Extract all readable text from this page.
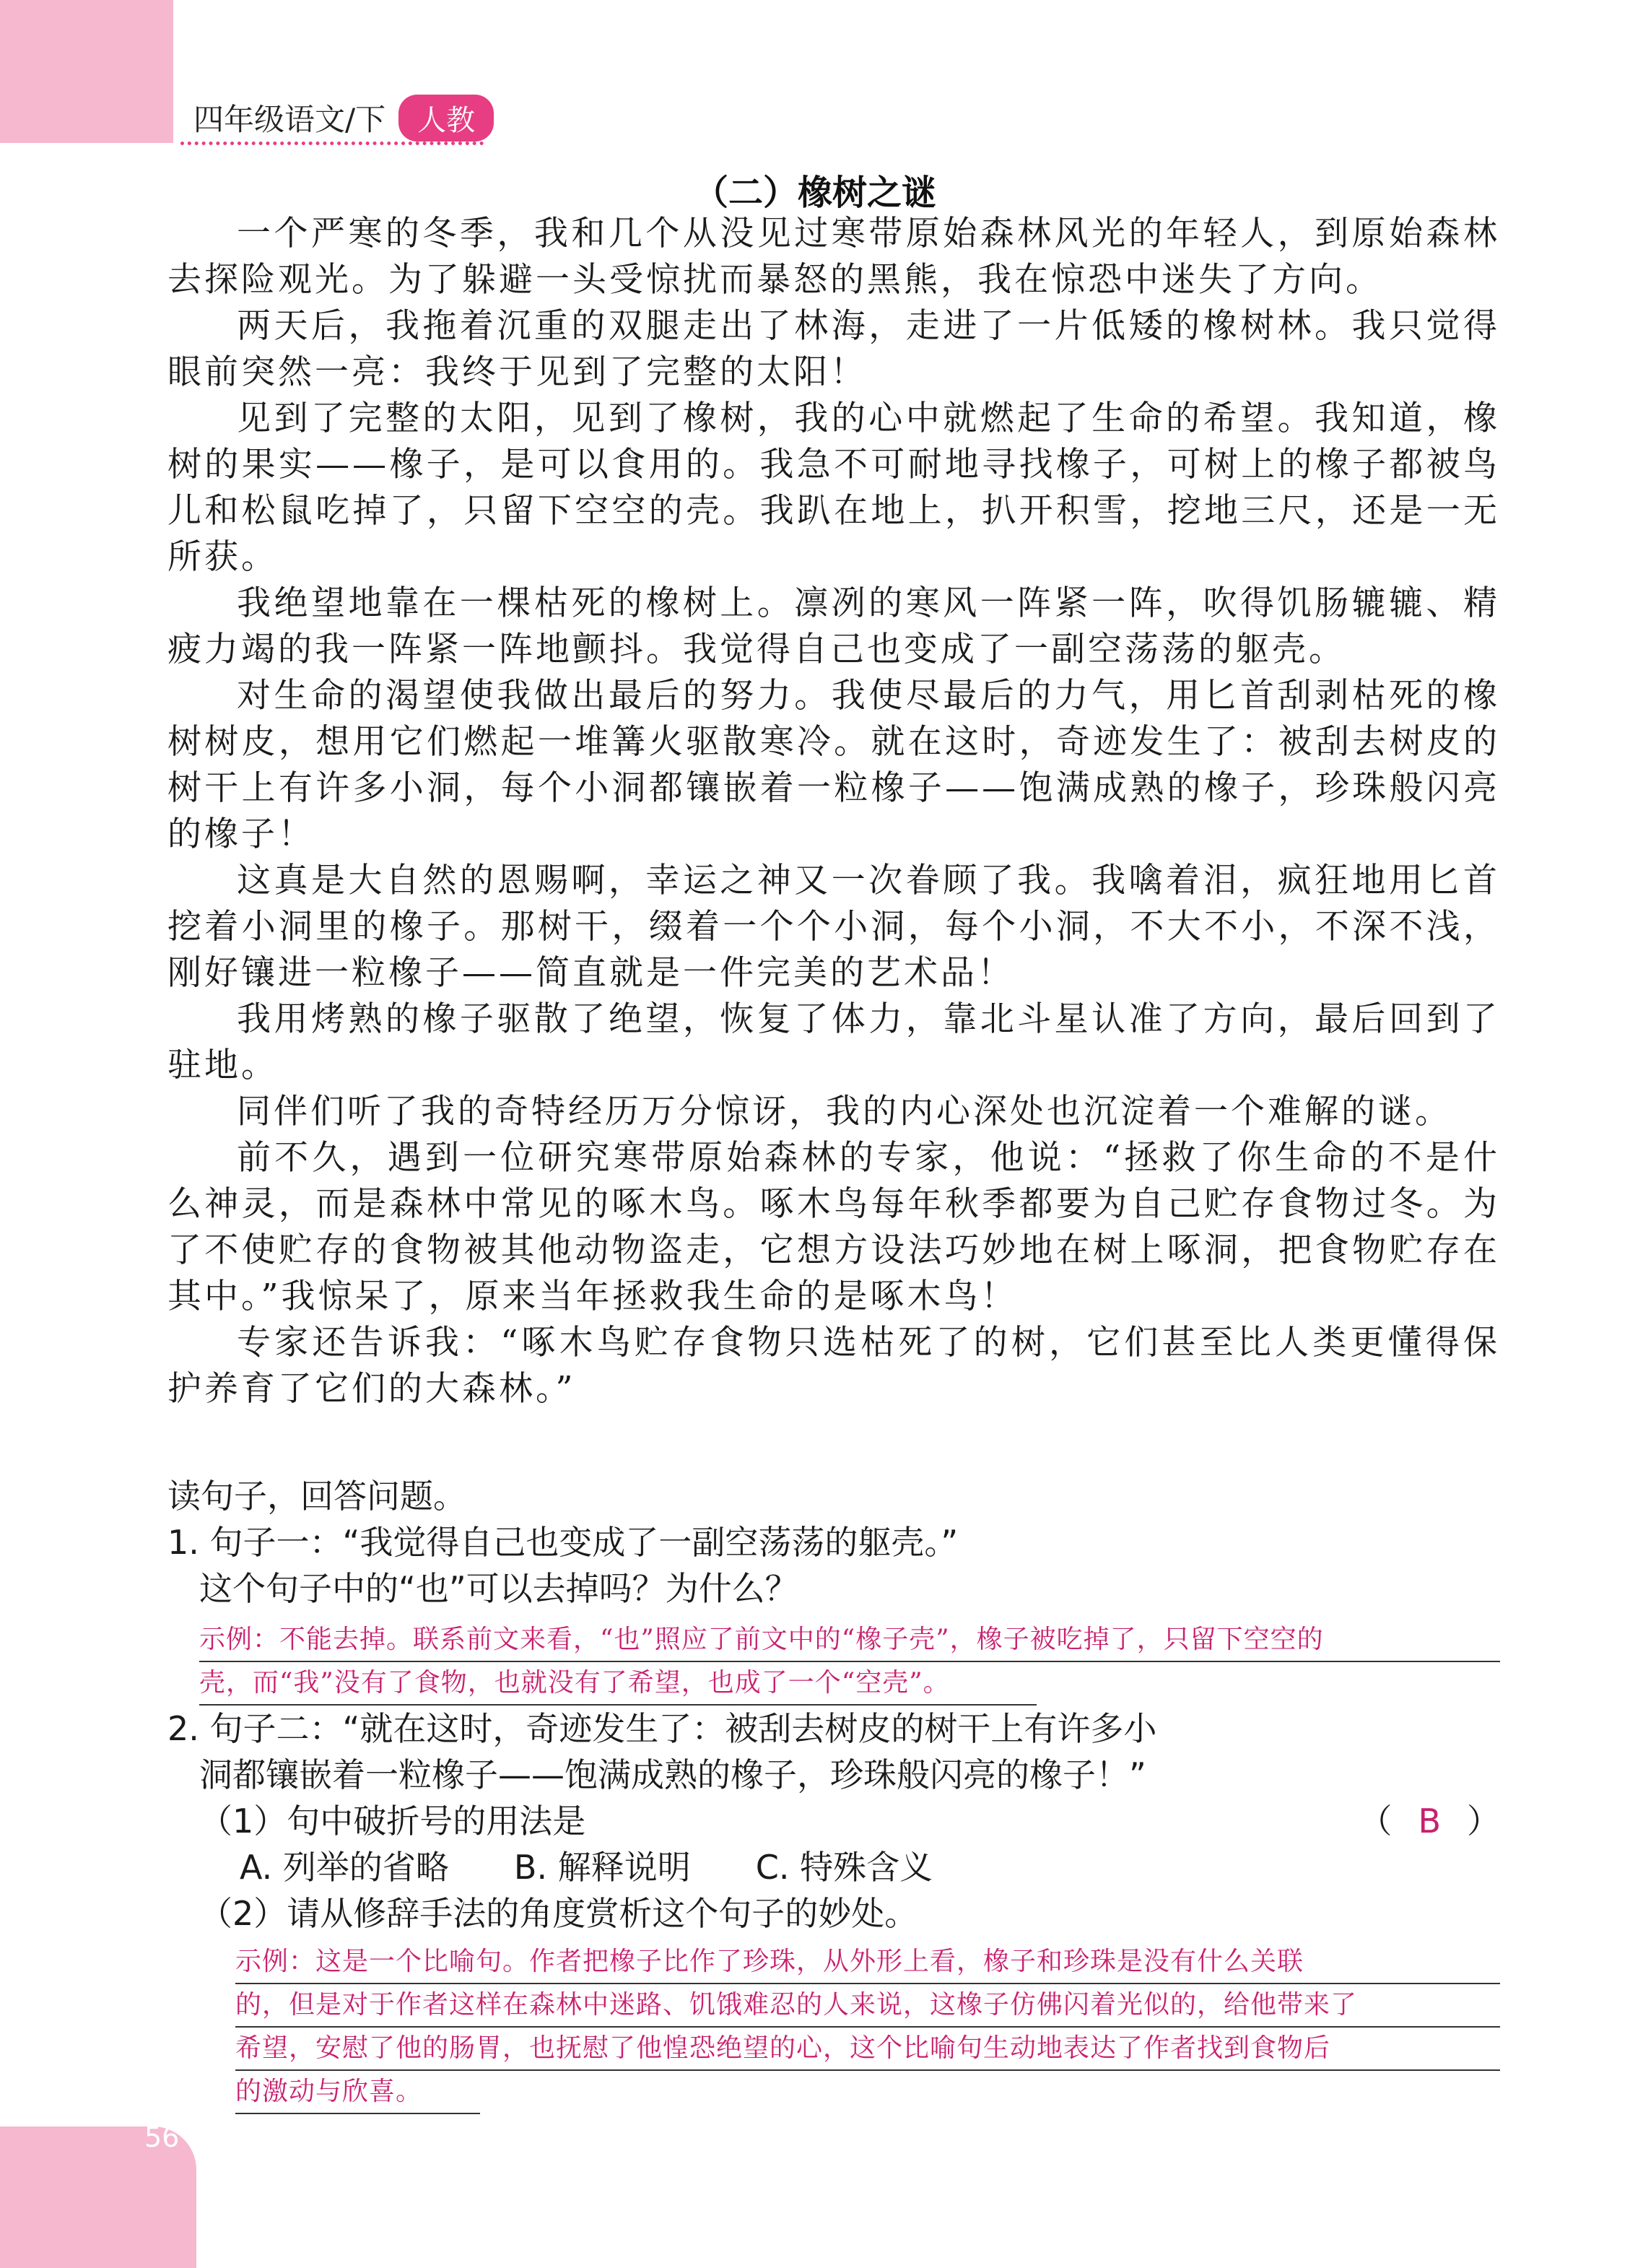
四年级语文/下	人教
（二）橡树之谜

一个严寒的冬季，我和几个从没见过寒带原始森林风光的年轻人，到原始森林去探险观光。为了躲避一头受惊扰而暴怒的黑熊，我在惊恐中迷失了方向。

两天后，我拖着沉重的双腿走出了林海，走进了一片低矮的橡树林。我只觉得眼前突然一亮：我终于见到了完整的太阳！

见到了完整的太阳，见到了橡树，我的心中就燃起了生命的希望。我知道，橡树的果实——橡子，是可以食用的。我急不可耐地寻找橡子，可树上的橡子都被鸟儿和松鼠吃掉了，只留下空空的壳。我趴在地上，扒开积雪，挖地三尺，还是一无所获。

我绝望地靠在一棵枯死的橡树上。凛冽的寒风一阵紧一阵，吹得饥肠辘辘、精疲力竭的我一阵紧一阵地颤抖。我觉得自己也变成了一副空荡荡的躯壳。

对生命的渴望使我做出最后的努力。我使尽最后的力气，用匕首刮剥枯死的橡树树皮，想用它们燃起一堆篝火驱散寒冷。就在这时，奇迹发生了：被刮去树皮的树干上有许多小洞，每个小洞都镶嵌着一粒橡子——饱满成熟的橡子，珍珠般闪亮的橡子！

这真是大自然的恩赐啊，幸运之神又一次眷顾了我。我噙着泪，疯狂地用匕首挖着小洞里的橡子。那树干，缀着一个个小洞，每个小洞，不大不小，不深不浅，刚好镶进一粒橡子——简直就是一件完美的艺术品！

我用烤熟的橡子驱散了绝望，恢复了体力，靠北斗星认准了方向，最后回到了驻地。

同伴们听了我的奇特经历万分惊讶，我的内心深处也沉淀着一个难解的谜。

前不久，遇到一位研究寒带原始森林的专家，他说：“拯救了你生命的不是什么神灵，而是森林中常见的啄木鸟。啄木鸟每年秋季都要为自己贮存食物过冬。为了不使贮存的食物被其他动物盗走，它想方设法巧妙地在树上啄洞，把食物贮存在其中。”我惊呆了，原来当年拯救我生命的是啄木鸟！

专家还告诉我：“啄木鸟贮存食物只选枯死了的树，它们甚至比人类更懂得保护养育了它们的大森林。”

读句子，回答问题。

1. 句子一：“我觉得自己也变成了一副空荡荡的躯壳。”

这个句子中的“也”可以去掉吗？为什么？

示例：不能去掉。联系前文来看，“也”照应了前文中的“橡子壳”，橡子被吃掉了，只留下空空的

壳，而“我”没有了食物，也就没有了希望，也成了一个“空壳”。

2. 句子二：“就在这时，奇迹发生了：被刮去树皮的树干上有许多小

洞都镶嵌着一粒橡子——饱满成熟的橡子，珍珠般闪亮的橡子！”

（1）句中破折号的用法是	（ B ）
A. 列举的省略 B. 解释说明 C. 特殊含义

（2）请从修辞手法的角度赏析这个句子的妙处。

示例：这是一个比喻句。作者把橡子比作了珍珠，从外形上看，橡子和珍珠是没有什么关联

的，但是对于作者这样在森林中迷路、饥饿难忍的人来说，这橡子仿佛闪着光似的，给他带来了

希望，安慰了他的肠胃，也抚慰了他惶恐绝望的心，这个比喻句生动地表达了作者找到食物后

的激动与欣喜。

56
